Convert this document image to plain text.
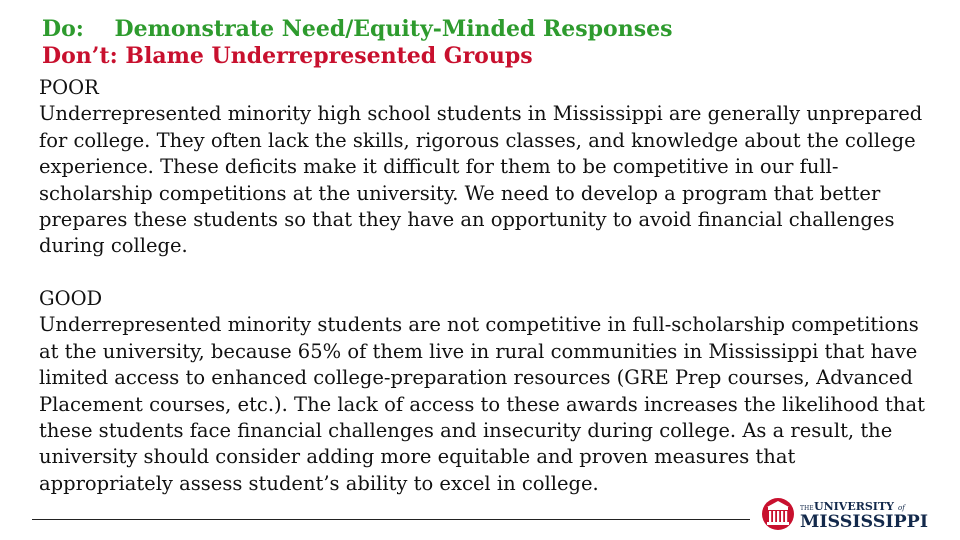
Do: Demonstrate Need/Equity-Minded Responses
Don’t: Blame Underrepresented Groups
POOR
Underrepresented minority high school students in Mississippi are generally unprepared for college. They often lack the skills, rigorous classes, and knowledge about the college experience. These deficits make it difficult for them to be competitive in our full-scholarship competitions at the university. We need to develop a program that better prepares these students so that they have an opportunity to avoid financial challenges during college.
GOOD
Underrepresented minority students are not competitive in full-scholarship competitions at the university, because 65% of them live in rural communities in Mississippi that have limited access to enhanced college-preparation resources (GRE Prep courses, Advanced Placement courses, etc.). The lack of access to these awards increases the likelihood that these students face financial challenges and insecurity during college. As a result, the university should consider adding more equitable and proven measures that appropriately assess student’s ability to excel in college.
THE UNIVERSITY of
MISSISSIPPI
